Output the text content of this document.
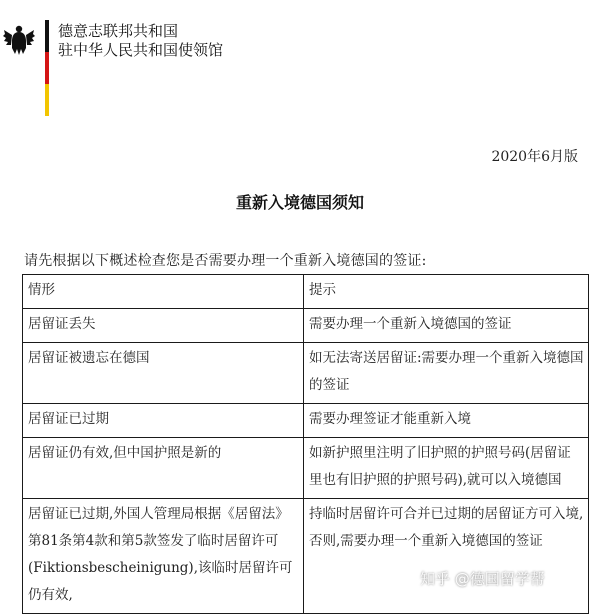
德意志联邦共和国
驻中华人民共和国使领馆
2020年6月版
重新入境德国须知
请先根据以下概述检查您是否需要办理一个重新入境德国的签证:
情形	提示
居留证丢失	需要办理一个重新入境德国的签证
居留证被遗忘在德国	如无法寄送居留证:需要办理一个重新入境德国的签证
居留证已过期	需要办理签证才能重新入境
居留证仍有效,但中国护照是新的	如新护照里注明了旧护照的护照号码(居留证里也有旧护照的护照号码),就可以入境德国
居留证已过期,外国人管理局根据《居留法》第81条第4款和第5款签发了临时居留许可(Fiktionsbescheinigung),该临时居留许可仍有效,	持临时居留许可合并已过期的居留证方可入境,否则,需要办理一个重新入境德国的签证
知乎 @德国留学帮
